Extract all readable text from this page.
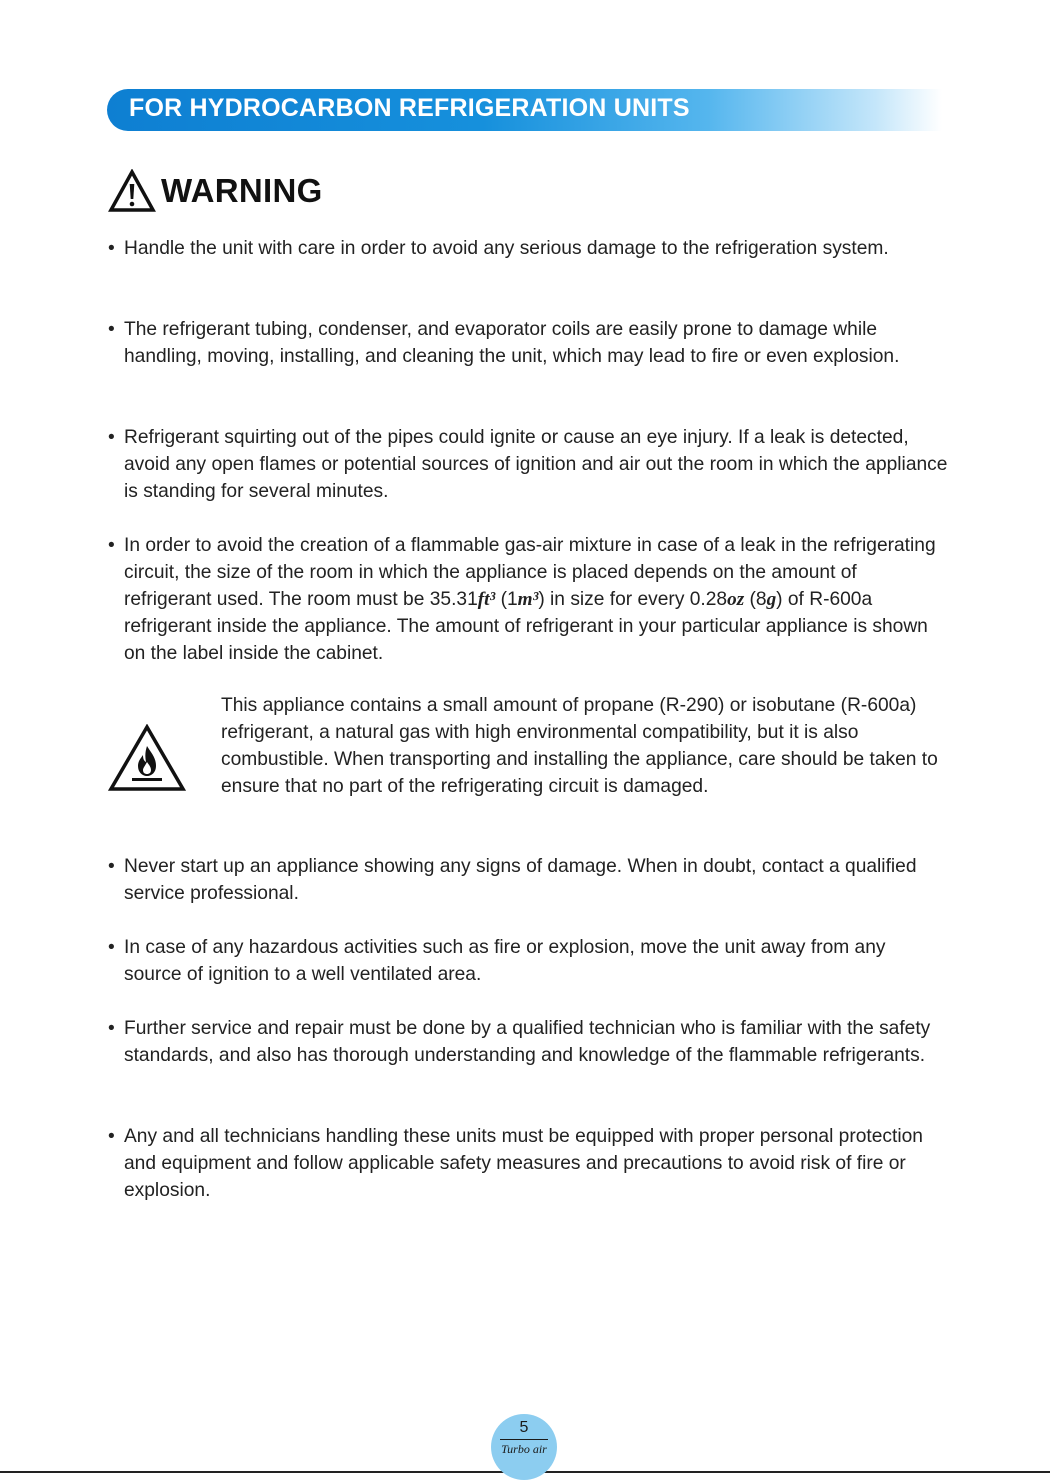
FOR HYDROCARBON REFRIGERATION UNITS
WARNING
• Handle the unit with care in order to avoid any serious damage to the refrigeration system.
• The refrigerant tubing, condenser, and evaporator coils are easily prone to damage while handling, moving, installing, and cleaning the unit, which may lead to fire or even explosion.
• Refrigerant squirting out of the pipes could ignite or cause an eye injury. If a leak is detected, avoid any open flames or potential sources of ignition and air out the room in which the appliance is standing for several minutes.
• In order to avoid the creation of a flammable gas-air mixture in case of a leak in the refrigerating circuit, the size of the room in which the appliance is placed depends on the amount of refrigerant used. The room must be 35.31ft³ (1m³) in size for every 0.28oz (8g) of R-600a refrigerant inside the appliance. The amount of refrigerant in your particular appliance is shown on the label inside the cabinet.
This appliance contains a small amount of propane (R-290) or isobutane (R-600a) refrigerant, a natural gas with high environmental compatibility, but it is also combustible. When transporting and installing the appliance, care should be taken to ensure that no part of the refrigerating circuit is damaged.
• Never start up an appliance showing any signs of damage. When in doubt, contact a qualified service professional.
• In case of any hazardous activities such as fire or explosion, move the unit away from any source of ignition to a well ventilated area.
• Further service and repair must be done by a qualified technician who is familiar with the safety standards, and also has thorough understanding and knowledge of the flammable refrigerants.
• Any and all technicians handling these units must be equipped with proper personal protection and equipment and follow applicable safety measures and precautions to avoid risk of fire or explosion.
5
Turbo air
